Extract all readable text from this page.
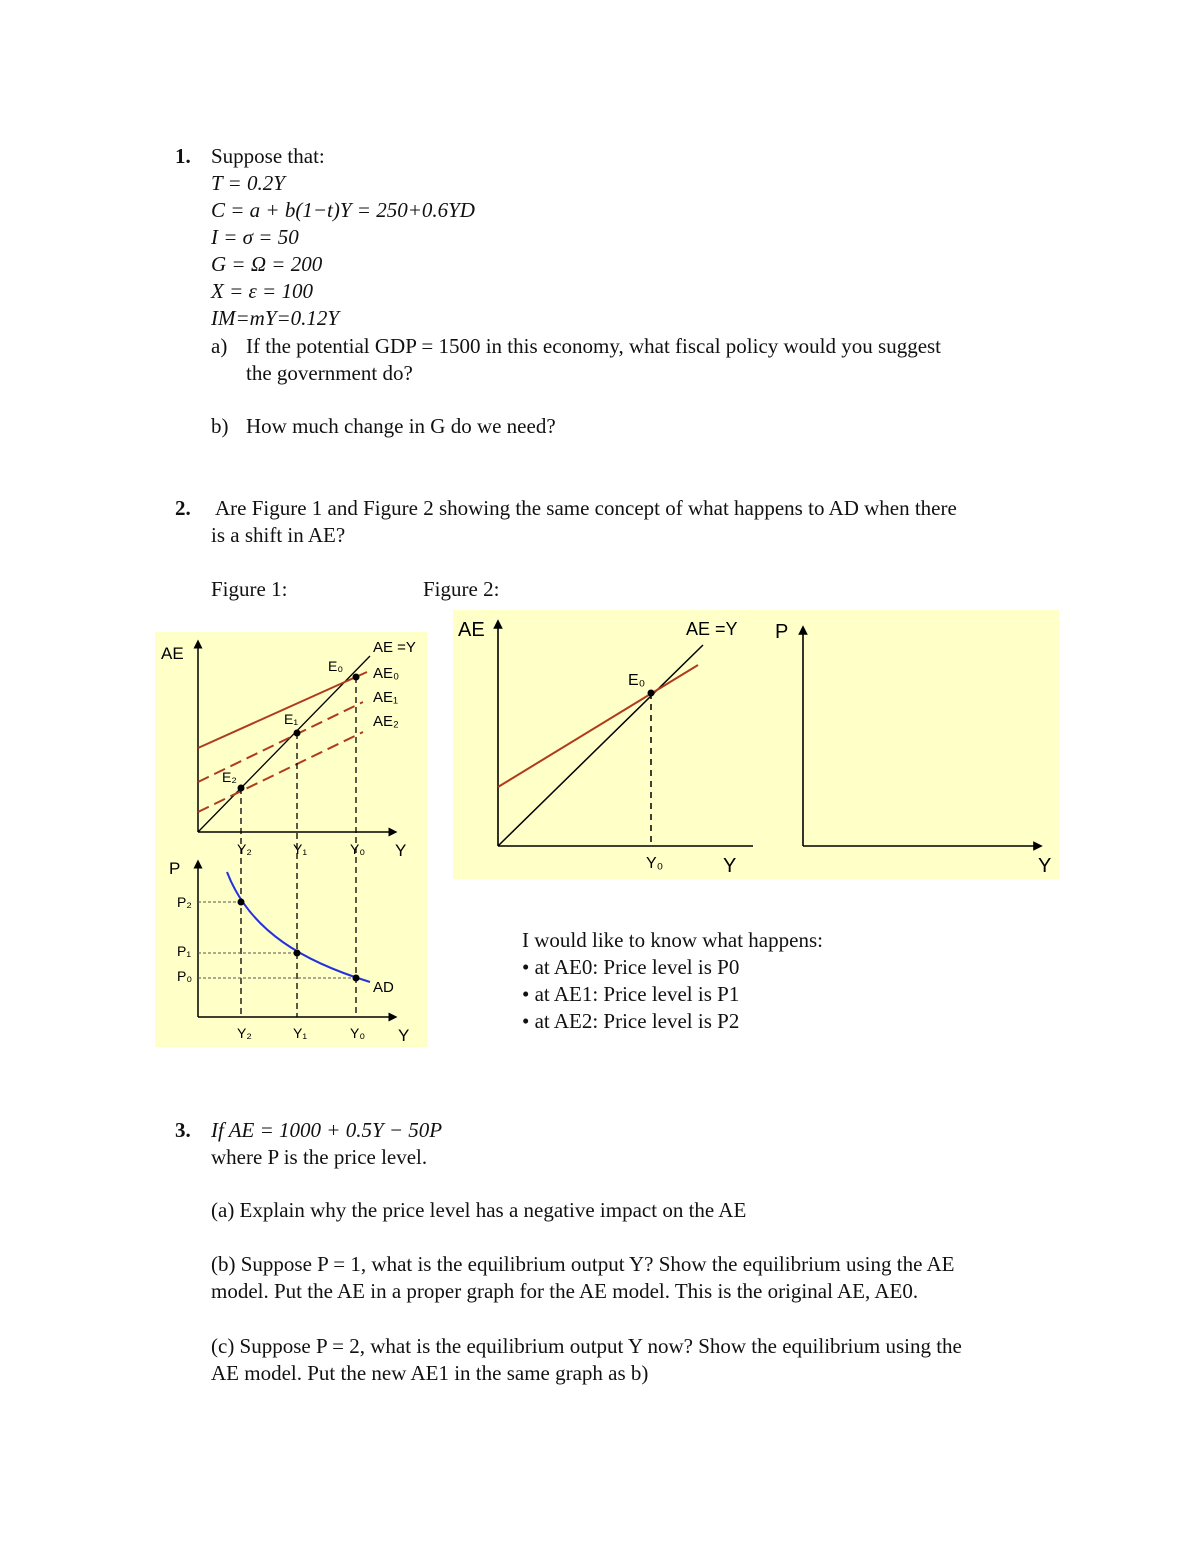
1. Suppose that:
T = 0.2Y
C = a + b(1−t)Y = 250+0.6YD
I = σ = 50
G = Ω = 200
X = ε = 100
IM=mY=0.12Y
a) If the potential GDP = 1500 in this economy, what fiscal policy would you suggest
the government do?
b) How much change in G do we need?
2. Are Figure 1 and Figure 2 showing the same concept of what happens to AD when there
is a shift in AE?
Figure 1:	Figure 2:
AE
E₀
E₁
E₂
AE =Y
AE₀
AE₁
AE₂
Y₂	Y₁	Y₀ Y
P
P₂
P₁
P₀
AD
Y₂	Y₁	Y₀ Y
AE
E₀
AE =Y
Y₀	Y
P
Y
I would like to know what happens:
• at AE0: Price level is P0
• at AE1: Price level is P1
• at AE2: Price level is P2
3. If AE = 1000 + 0.5Y − 50P
where P is the price level.
(a) Explain why the price level has a negative impact on the AE
(b) Suppose P = 1, what is the equilibrium output Y? Show the equilibrium using the AE
model. Put the AE in a proper graph for the AE model. This is the original AE, AE0.
(c) Suppose P = 2, what is the equilibrium output Y now? Show the equilibrium using the
AE model. Put the new AE1 in the same graph as b)
